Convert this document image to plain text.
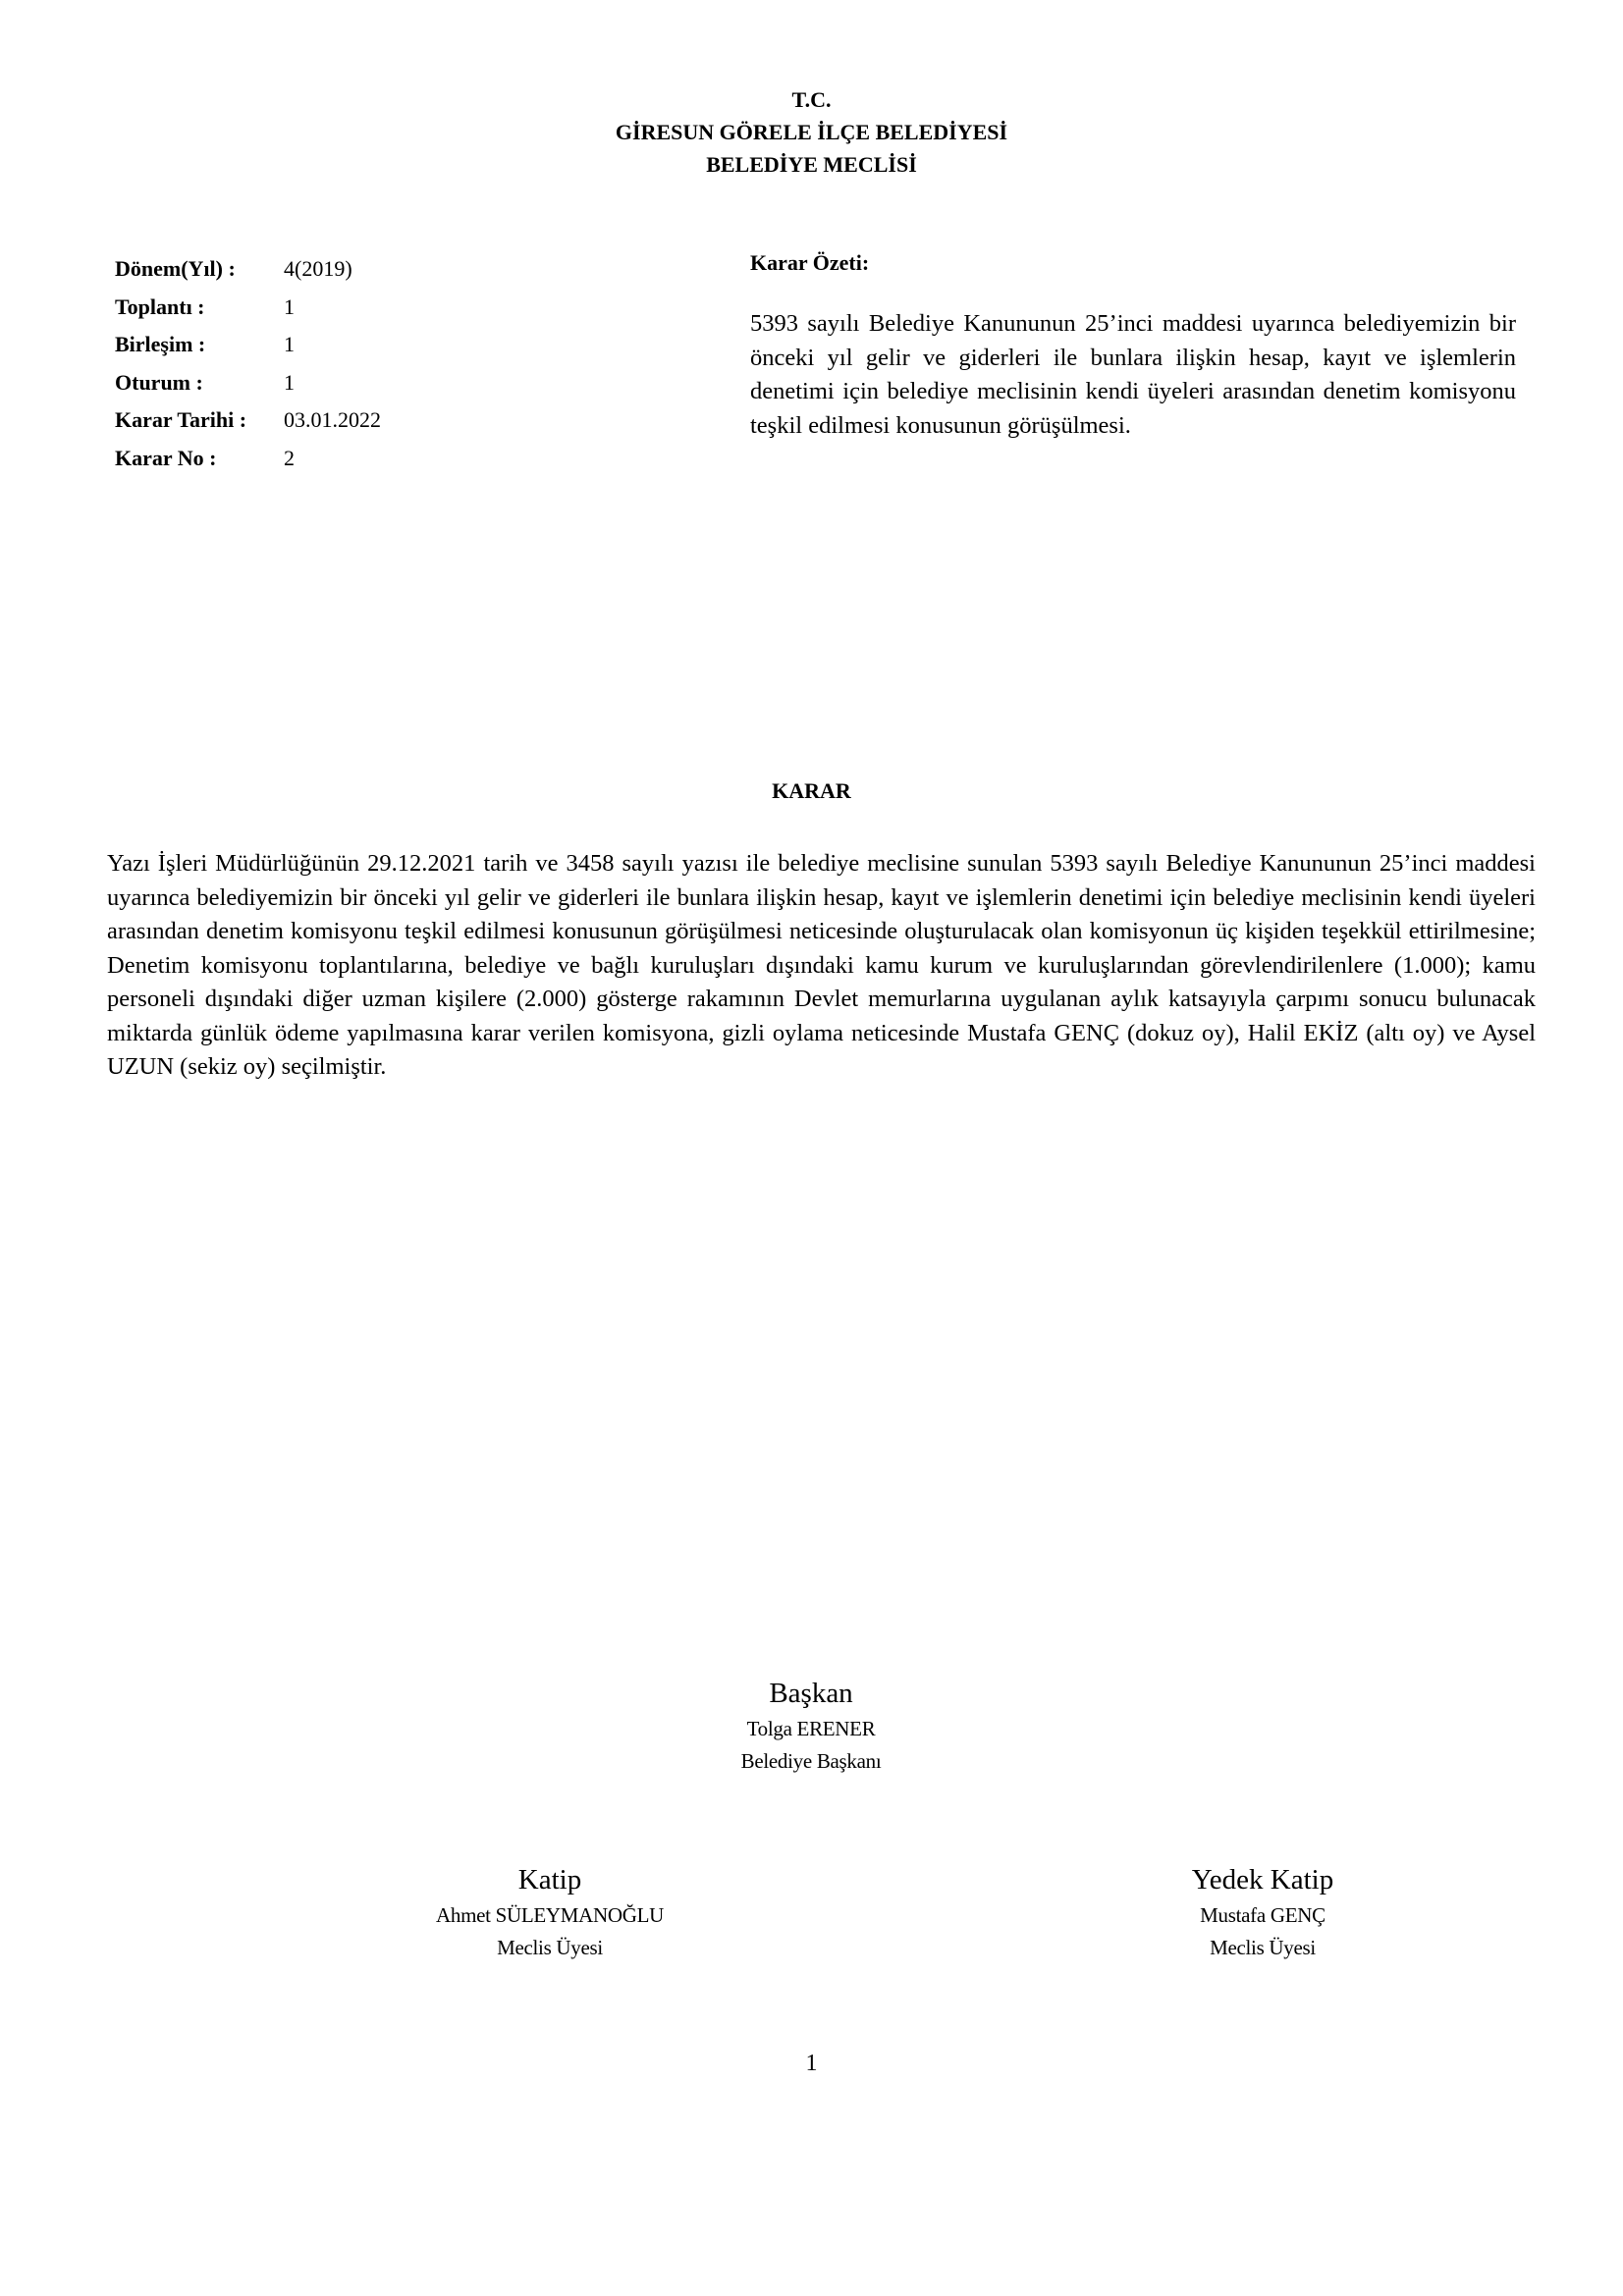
T.C.
GİRESUN GÖRELE İLÇE BELEDİYESİ
BELEDİYE MECLİSİ
Dönem(Yıl) :	4(2019)
Toplantı :	1
Birleşim :	1
Oturum :	1
Karar Tarihi :	03.01.2022
Karar No :	2
Karar Özeti:
5393 sayılı Belediye Kanununun 25’inci maddesi uyarınca belediyemizin bir önceki yıl gelir ve giderleri ile bunlara ilişkin hesap, kayıt ve işlemlerin denetimi için belediye meclisinin kendi üyeleri arasından denetim komisyonu teşkil edilmesi konusunun görüşülmesi.
KARAR
Yazı İşleri Müdürlüğünün 29.12.2021 tarih ve 3458 sayılı yazısı ile belediye meclisine sunulan 5393 sayılı Belediye Kanununun 25’inci maddesi uyarınca belediyemizin bir önceki yıl gelir ve giderleri ile bunlara ilişkin hesap, kayıt ve işlemlerin denetimi için belediye meclisinin kendi üyeleri arasından denetim komisyonu teşkil edilmesi konusunun görüşülmesi neticesinde oluşturulacak olan komisyonun üç kişiden teşekkül ettirilmesine; Denetim komisyonu toplantılarına, belediye ve bağlı kuruluşları dışındaki kamu kurum ve kuruluşlarından görevlendirilenlere (1.000); kamu personeli dışındaki diğer uzman kişilere (2.000) gösterge rakamının Devlet memurlarına uygulanan aylık katsayıyla çarpımı sonucu bulunacak miktarda günlük ödeme yapılmasına karar verilen komisyona, gizli oylama neticesinde Mustafa GENÇ (dokuz oy), Halil EKİZ (altı oy) ve Aysel UZUN (sekiz oy) seçilmiştir.
Başkan
Tolga ERENER
Belediye Başkanı
Katip
Ahmet SÜLEYMANOĞLU
Meclis Üyesi
Yedek Katip
Mustafa GENÇ
Meclis Üyesi
1
